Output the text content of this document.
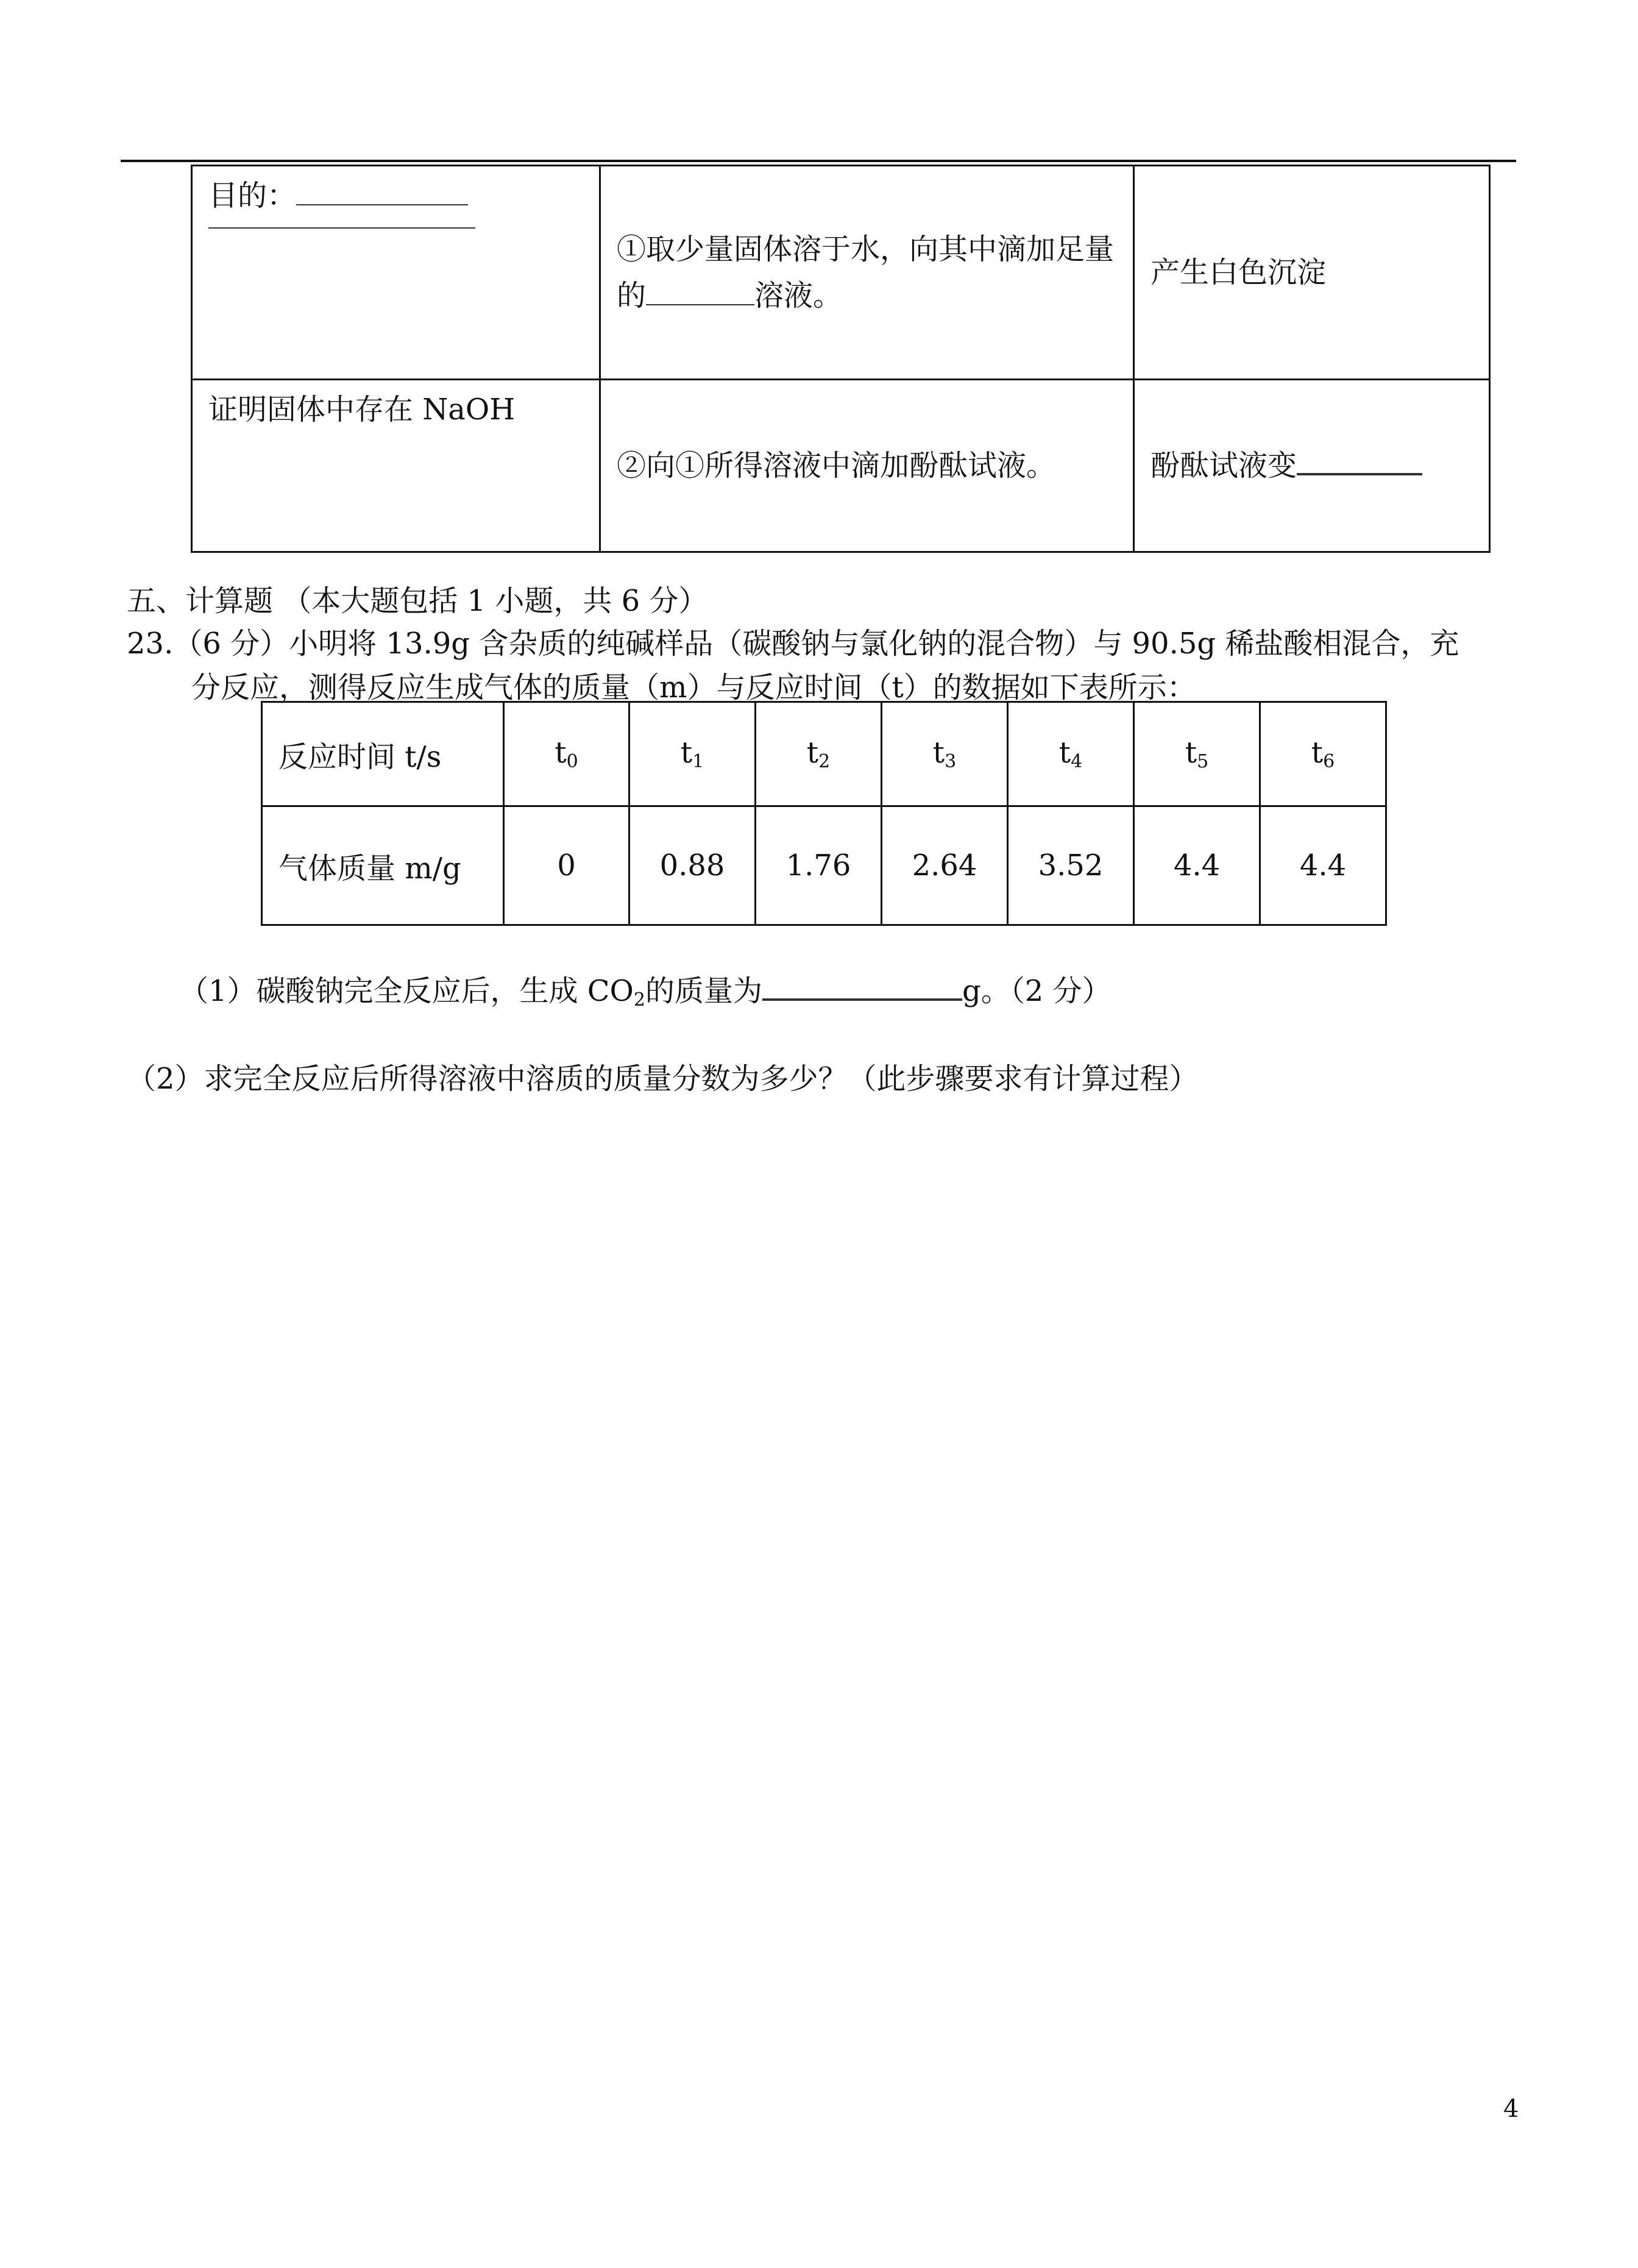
目的：	①取少量固体溶于水，向其中滴加足量的 溶液。	产生白色沉淀
证明固体中存在 NaOH	②向①所得溶液中滴加酚酞试液。	酚酞试液变

五、计算题 （本大题包括 1 小题，共 6 分）

23.（6 分）小明将 13.9g 含杂质的纯碱样品（碳酸钠与氯化钠的混合物）与 90.5g 稀盐酸相混合，充
分反应，测得反应生成气体的质量（m）与反应时间（t）的数据如下表所示：
反应时间 t/s	$t_0$	$t_1$	$t_2$	$t_3$	$t_4$	$t_5$	$t_6$
气体质量 m/g	0	0.88	1.76	2.64	3.52	4.4	4.4

（1）碳酸钠完全反应后，生成 $CO_2$的质量为	g。（2 分）

（2）求完全反应后所得溶液中溶质的质量分数为多少？（此步骤要求有计算过程）

4
